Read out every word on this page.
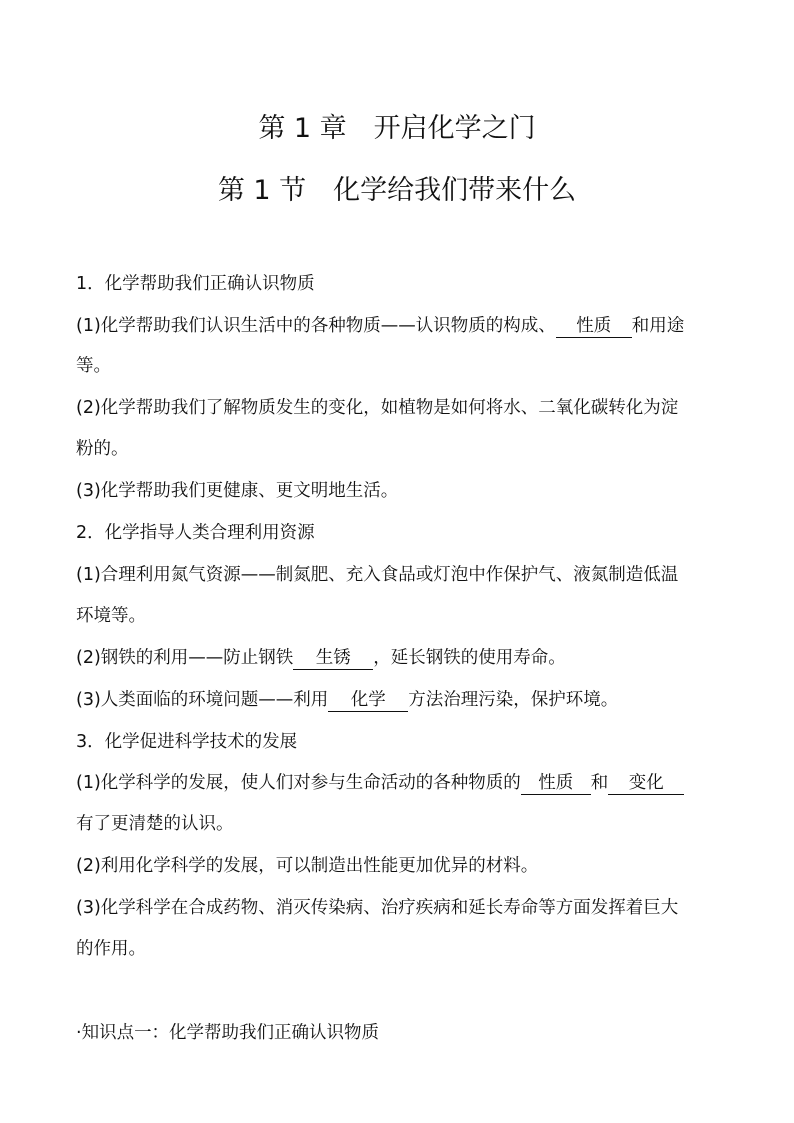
第 1 章　开启化学之门
第 1 节　化学给我们带来什么
1．化学帮助我们正确认识物质
(1)化学帮助我们认识生活中的各种物质——认识物质的构成、 性质 和用途
等。
(2)化学帮助我们了解物质发生的变化，如植物是如何将水、二氧化碳转化为淀
粉的。
(3)化学帮助我们更健康、更文明地生活。
2．化学指导人类合理利用资源
(1)合理利用氮气资源——制氮肥、充入食品或灯泡中作保护气、液氮制造低温
环境等。
(2)钢铁的利用——防止钢铁 生锈 ，延长钢铁的使用寿命。
(3)人类面临的环境问题——利用 化学 方法治理污染，保护环境。
3．化学促进科学技术的发展
(1)化学科学的发展，使人们对参与生命活动的各种物质的 性质 和 变化
有了更清楚的认识。
(2)利用化学科学的发展，可以制造出性能更加优异的材料。
(3)化学科学在合成药物、消灭传染病、治疗疾病和延长寿命等方面发挥着巨大
的作用。
·知识点一：化学帮助我们正确认识物质
